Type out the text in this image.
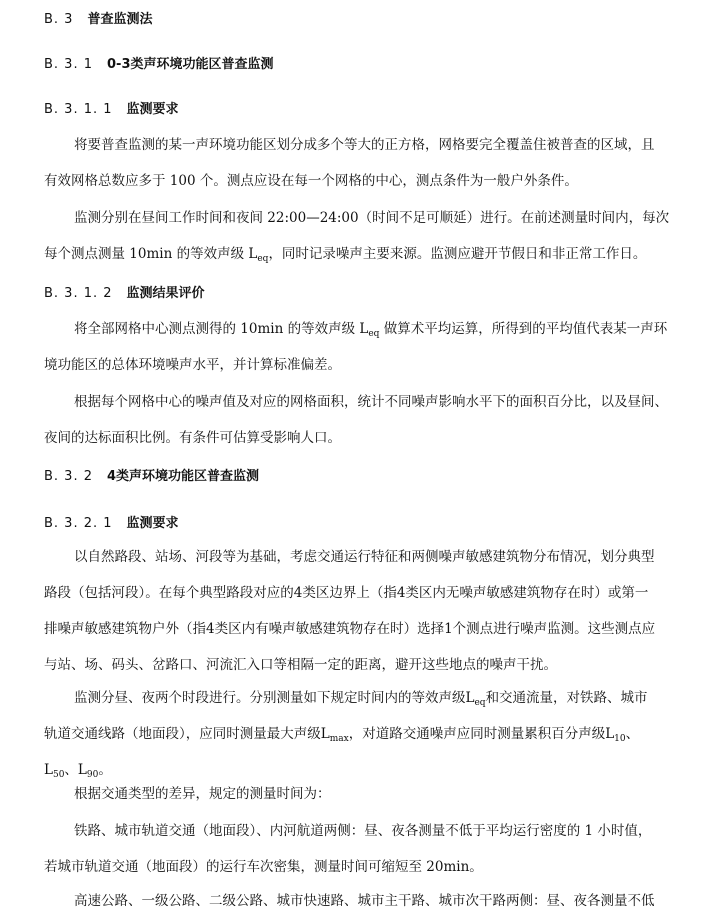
B. 3 普查监测法
B. 3. 1 0-3类声环境功能区普查监测
B. 3. 1. 1 监测要求
将要普查监测的某一声环境功能区划分成多个等大的正方格，网格要完全覆盖住被普查的区域，且
有效网格总数应多于 100 个。测点应设在每一个网格的中心，测点条件为一般户外条件。
监测分别在昼间工作时间和夜间 22:00—24:00（时间不足可顺延）进行。在前述测量时间内，每次
每个测点测量 10min 的等效声级 $L_{eq}$，同时记录噪声主要来源。监测应避开节假日和非正常工作日。
B. 3. 1. 2 监测结果评价
将全部网格中心测点测得的 10min 的等效声级 $L_{eq}$ 做算术平均运算，所得到的平均值代表某一声环
境功能区的总体环境噪声水平，并计算标准偏差。
根据每个网格中心的噪声值及对应的网格面积，统计不同噪声影响水平下的面积百分比，以及昼间、
夜间的达标面积比例。有条件可估算受影响人口。
B. 3. 2 4类声环境功能区普查监测
B. 3. 2. 1 监测要求
以自然路段、站场、河段等为基础，考虑交通运行特征和两侧噪声敏感建筑物分布情况，划分典型
路段（包括河段）。在每个典型路段对应的4类区边界上（指4类区内无噪声敏感建筑物存在时）或第一
排噪声敏感建筑物户外（指4类区内有噪声敏感建筑物存在时）选择1个测点进行噪声监测。这些测点应
与站、场、码头、岔路口、河流汇入口等相隔一定的距离，避开这些地点的噪声干扰。
监测分昼、夜两个时段进行。分别测量如下规定时间内的等效声级$L_{eq}$和交通流量，对铁路、城市
轨道交通线路（地面段），应同时测量最大声级$L_{max}$，对道路交通噪声应同时测量累积百分声级$L_{10}$、
$L_{50}$、$L_{90}$。
根据交通类型的差异，规定的测量时间为：
铁路、城市轨道交通（地面段）、内河航道两侧：昼、夜各测量不低于平均运行密度的 1 小时值，
若城市轨道交通（地面段）的运行车次密集，测量时间可缩短至 20min。
高速公路、一级公路、二级公路、城市快速路、城市主干路、城市次干路两侧：昼、夜各测量不低
